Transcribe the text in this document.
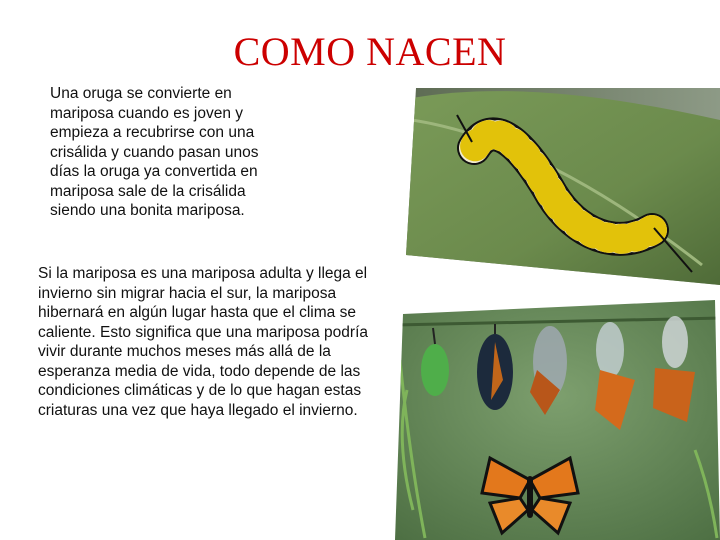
COMO NACEN
Una oruga se convierte en mariposa cuando es joven y empieza a recubrirse con una crisálida y cuando pasan unos días la oruga ya convertida en mariposa sale de la crisálida siendo una bonita mariposa.
Si la mariposa es una mariposa adulta y llega el invierno sin migrar hacia el sur, la mariposa hibernará en algún lugar hasta que el clima se caliente. Esto significa que una mariposa podría vivir durante muchos meses más allá de la esperanza media de vida, todo depende de las condiciones climáticas y de lo que hagan estas criaturas una vez que haya llegado el invierno.
